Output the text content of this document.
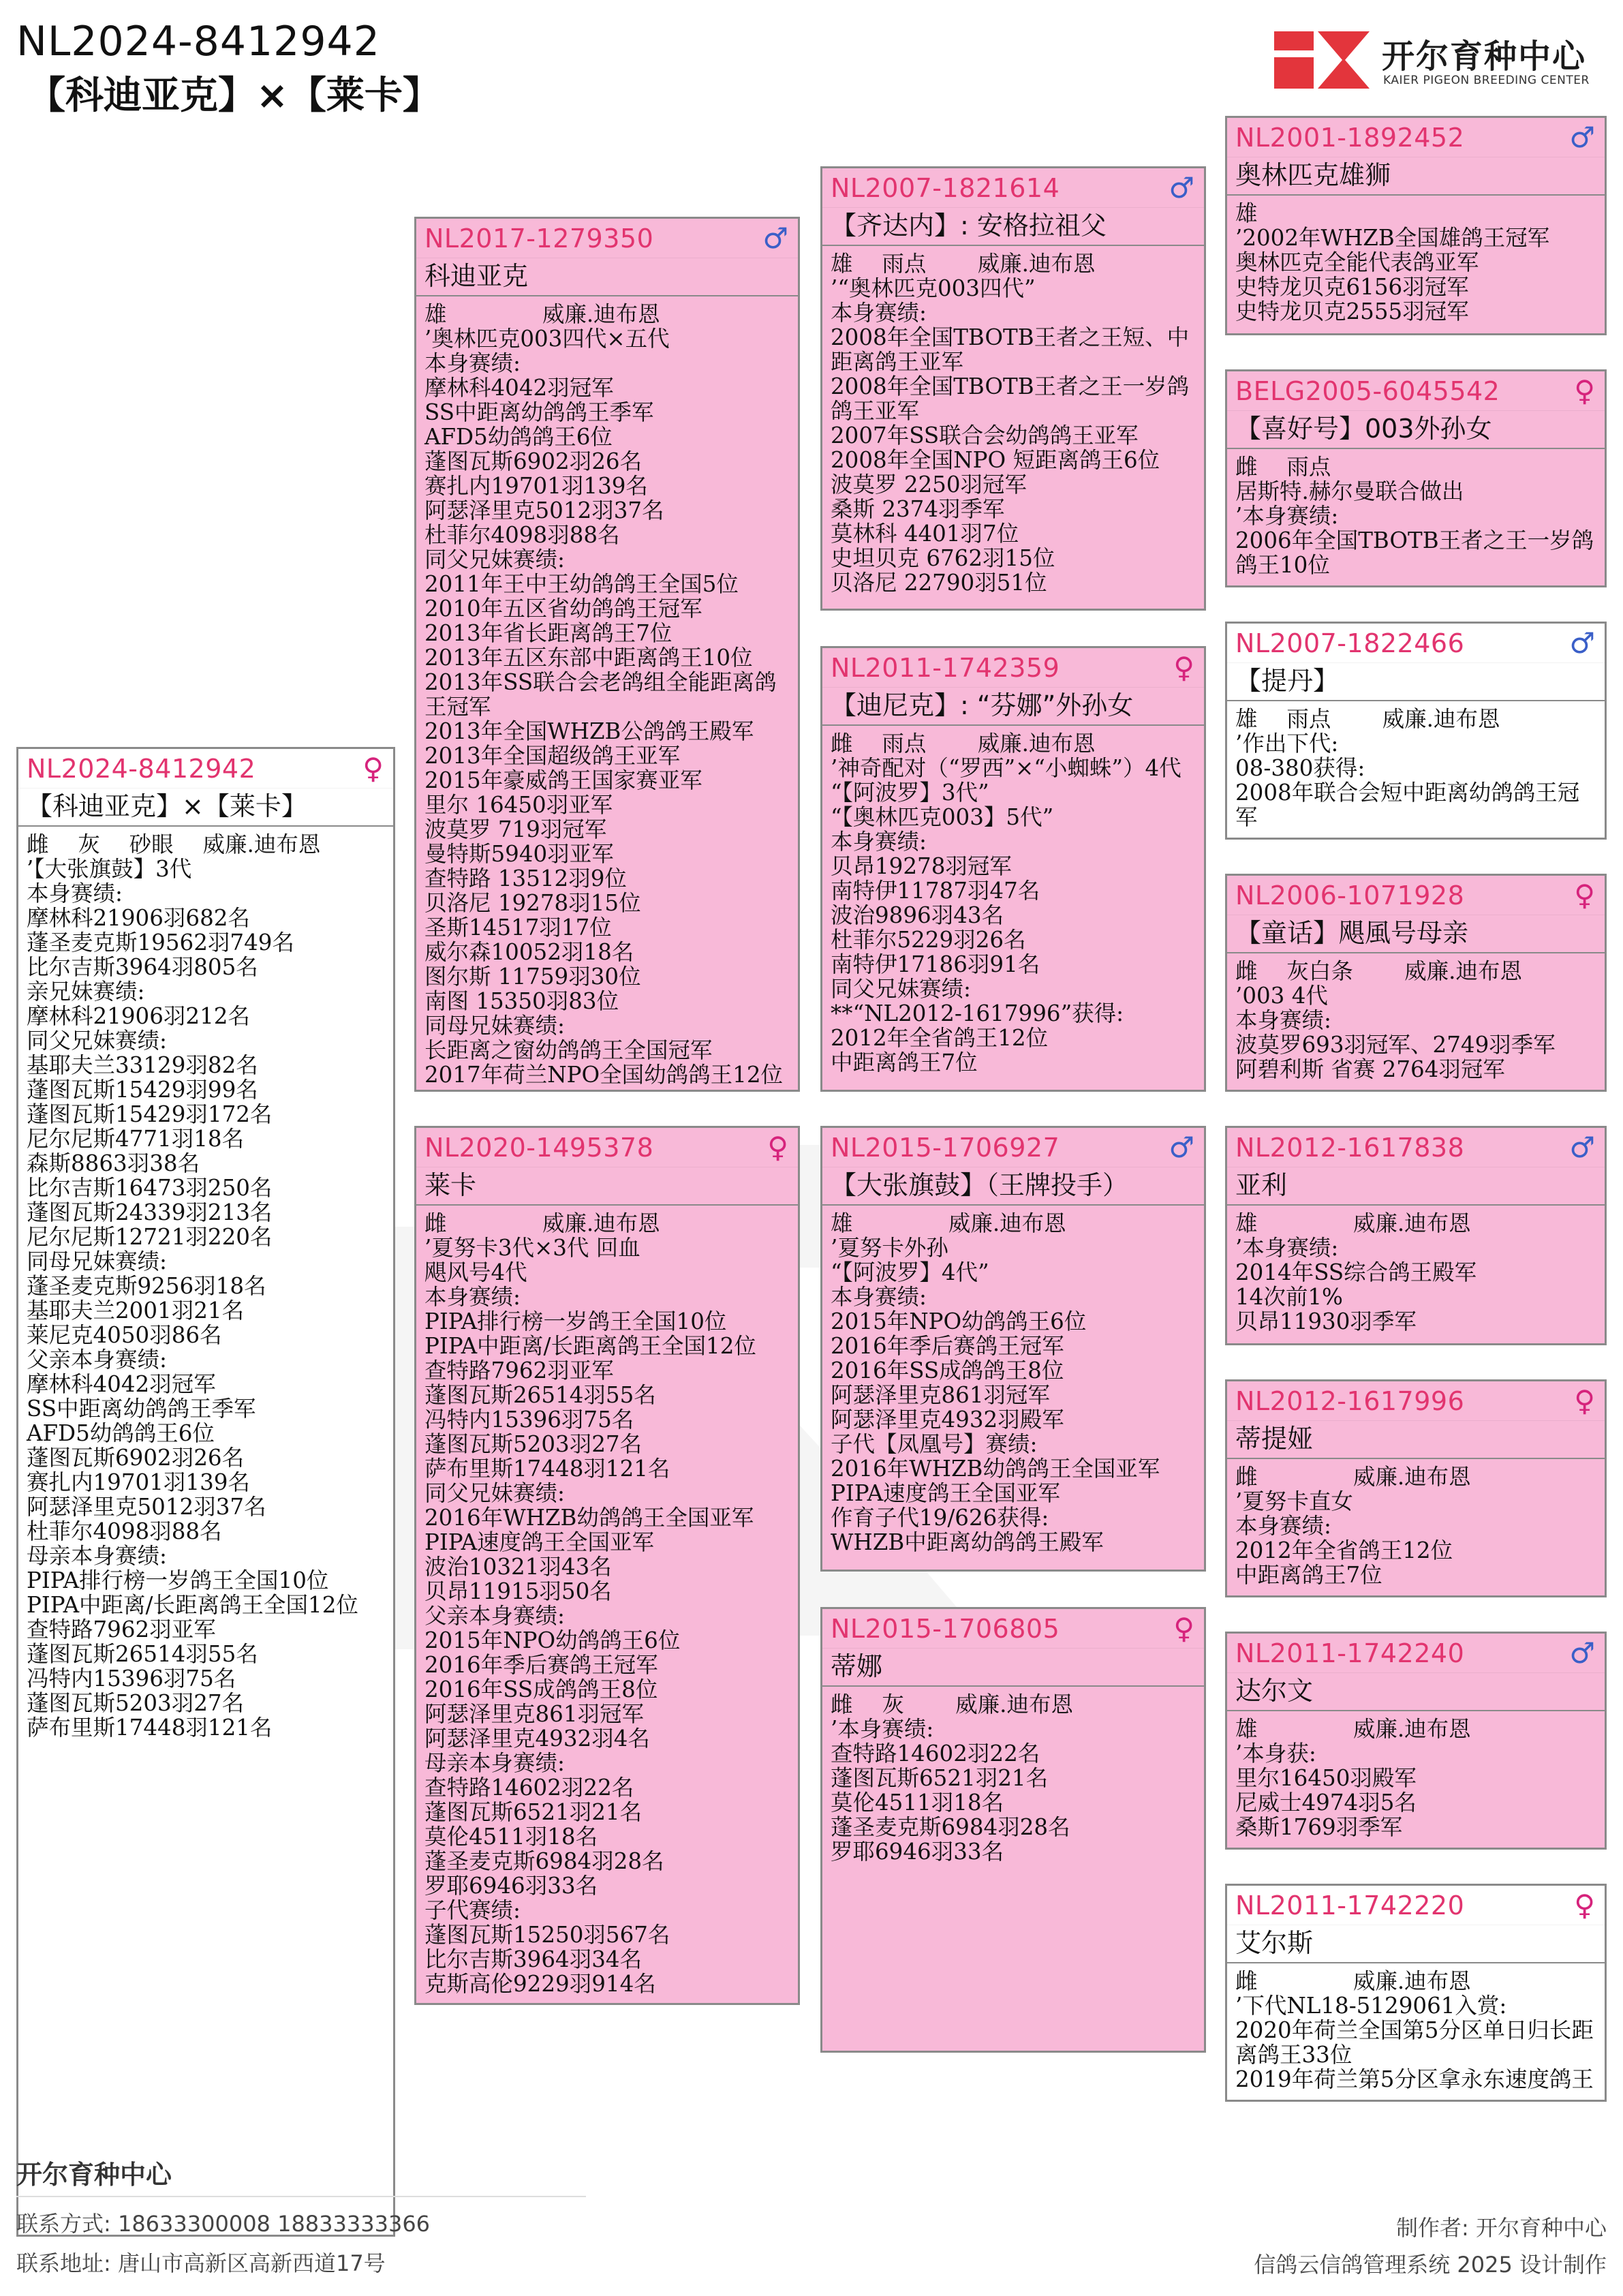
NL2024-8412942
【科迪亚克】×【莱卡】
开尔育种中心
KAIER PIGEON BREEDING CENTER
NL2024-8412942	♀
【科迪亚克】×【莱卡】
雌　 灰　 砂眼　 威廉.迪布恩
’【大张旗鼓】3代
本身赛绩:
摩林科21906羽682名
蓬圣麦克斯19562羽749名
比尔吉斯3964羽805名
亲兄妹赛绩:
摩林科21906羽212名
同父兄妹赛绩:
基耶夫兰33129羽82名
蓬图瓦斯15429羽99名
蓬图瓦斯15429羽172名
尼尔尼斯4771羽18名
森斯8863羽38名
比尔吉斯16473羽250名
蓬图瓦斯24339羽213名
尼尔尼斯12721羽220名
同母兄妹赛绩:
蓬圣麦克斯9256羽18名
基耶夫兰2001羽21名
莱尼克4050羽86名
父亲本身赛绩:
摩林科4042羽冠军
SS中距离幼鸽鸽王季军
AFD5幼鸽鸽王6位
蓬图瓦斯6902羽26名
赛扎内19701羽139名
阿瑟泽里克5012羽37名
杜菲尔4098羽88名
母亲本身赛绩:
PIPA排行榜一岁鸽王全国10位
PIPA中距离/长距离鸽王全国12位
查特路7962羽亚军
蓬图瓦斯26514羽55名
冯特内15396羽75名
蓬图瓦斯5203羽27名
萨布里斯17448羽121名
NL2017-1279350	♂
科迪亚克
雄　　　　 威廉.迪布恩
’奥林匹克003四代×五代
本身赛绩:
摩林科4042羽冠军
SS中距离幼鸽鸽王季军
AFD5幼鸽鸽王6位
蓬图瓦斯6902羽26名
赛扎内19701羽139名
阿瑟泽里克5012羽37名
杜菲尔4098羽88名
同父兄妹赛绩:
2011年王中王幼鸽鸽王全国5位
2010年五区省幼鸽鸽王冠军
2013年省长距离鸽王7位
2013年五区东部中距离鸽王10位
2013年SS联合会老鸽组全能距离鸽王冠军
2013年全国WHZB公鸽鸽王殿军
2013年全国超级鸽王亚军
2015年豪威鸽王国家赛亚军
里尔 16450羽亚军
波莫罗 719羽冠军
曼特斯5940羽亚军
查特路 13512羽9位
贝洛尼 19278羽15位
圣斯14517羽17位
威尔森10052羽18名
图尔斯 11759羽30位
南图 15350羽83位
同母兄妹赛绩:
长距离之窗幼鸽鸽王全国冠军
2017年荷兰NPO全国幼鸽鸽王12位
NL2020-1495378	♀
莱卡
雌　　　　 威廉.迪布恩
’夏努卡3代×3代 回血
飓风号4代
本身赛绩:
PIPA排行榜一岁鸽王全国10位
PIPA中距离/长距离鸽王全国12位
查特路7962羽亚军
蓬图瓦斯26514羽55名
冯特内15396羽75名
蓬图瓦斯5203羽27名
萨布里斯17448羽121名
同父兄妹赛绩:
2016年WHZB幼鸽鸽王全国亚军
PIPA速度鸽王全国亚军
波治10321羽43名
贝昂11915羽50名
父亲本身赛绩:
2015年NPO幼鸽鸽王6位
2016年季后赛鸽王冠军
2016年SS成鸽鸽王8位
阿瑟泽里克861羽冠军
阿瑟泽里克4932羽4名
母亲本身赛绩:
查特路14602羽22名
蓬图瓦斯6521羽21名
莫伦4511羽18名
蓬圣麦克斯6984羽28名
罗耶6946羽33名
子代赛绩:
蓬图瓦斯15250羽567名
比尔吉斯3964羽34名
克斯高伦9229羽914名
NL2007-1821614	♂
【齐达内】: 安格拉祖父
雄　 雨点　　 威廉.迪布恩
’“奥林匹克003四代”
本身赛绩:
2008年全国TBOTB王者之王短、中距离鸽王亚军
2008年全国TBOTB王者之王一岁鸽鸽王亚军
2007年SS联合会幼鸽鸽王亚军
2008年全国NPO 短距离鸽王6位
波莫罗 2250羽冠军
桑斯 2374羽季军
莫林科 4401羽7位
史坦贝克 6762羽15位
贝洛尼 22790羽51位
NL2011-1742359	♀
【迪尼克】: “芬娜”外孙女
雌　 雨点　　 威廉.迪布恩
’神奇配对（“罗西”×“小蜘蛛”）4代
“【阿波罗】3代”
“【奥林匹克003】5代”
本身赛绩:
贝昂19278羽冠军
南特伊11787羽47名
波治9896羽43名
杜菲尔5229羽26名
南特伊17186羽91名
同父兄妹赛绩:
**“NL2012-1617996”获得:
2012年全省鸽王12位
中距离鸽王7位
NL2015-1706927	♂
【大张旗鼓】（王牌投手）
雄　　　　 威廉.迪布恩
’夏努卡外孙
“【阿波罗】4代”
本身赛绩:
2015年NPO幼鸽鸽王6位
2016年季后赛鸽王冠军
2016年SS成鸽鸽王8位
阿瑟泽里克861羽冠军
阿瑟泽里克4932羽殿军
子代【凤凰号】赛绩:
2016年WHZB幼鸽鸽王全国亚军
PIPA速度鸽王全国亚军
作育子代19/626获得:
WHZB中距离幼鸽鸽王殿军
NL2015-1706805	♀
蒂娜
雌　 灰　　 威廉.迪布恩
’本身赛绩:
查特路14602羽22名
蓬图瓦斯6521羽21名
莫伦4511羽18名
蓬圣麦克斯6984羽28名
罗耶6946羽33名
NL2001-1892452	♂
奥林匹克雄狮
雄
’2002年WHZB全国雄鸽王冠军
奥林匹克全能代表鸽亚军
史特龙贝克6156羽冠军
史特龙贝克2555羽冠军
BELG2005-6045542	♀
【喜好号】003外孙女
雌　 雨点
居斯特.赫尔曼联合做出
’本身赛绩:
2006年全国TBOTB王者之王一岁鸽鸽王10位
NL2007-1822466	♂
【提丹】
雄　 雨点　　 威廉.迪布恩
’作出下代:
08-380获得:
2008年联合会短中距离幼鸽鸽王冠军
NL2006-1071928	♀
【童话】飓風号母亲
雌　 灰白条　　 威廉.迪布恩
’003 4代
本身赛绩:
波莫罗693羽冠军、2749羽季军
阿碧利斯 省赛 2764羽冠军
NL2012-1617838	♂
亚利
雄　　　　 威廉.迪布恩
’本身赛绩:
2014年SS综合鸽王殿军
14次前1%
贝昂11930羽季军
NL2012-1617996	♀
蒂提娅
雌　　　　 威廉.迪布恩
’夏努卡直女
本身赛绩:
2012年全省鸽王12位
中距离鸽王7位
NL2011-1742240	♂
达尔文
雄　　　　 威廉.迪布恩
’本身获:
里尔16450羽殿军
尼威士4974羽5名
桑斯1769羽季军
NL2011-1742220	♀
艾尔斯
雌　　　　 威廉.迪布恩
’下代NL18-5129061入赏:
2020年荷兰全国第5分区单日归长距离鸽王33位
2019年荷兰第5分区拿永东速度鸽王
开尔育种中心
联系方式: 18633300008 18833333366
联系地址: 唐山市高新区高新西道17号
制作者: 开尔育种中心
信鸽云信鸽管理系统 2025 设计制作
